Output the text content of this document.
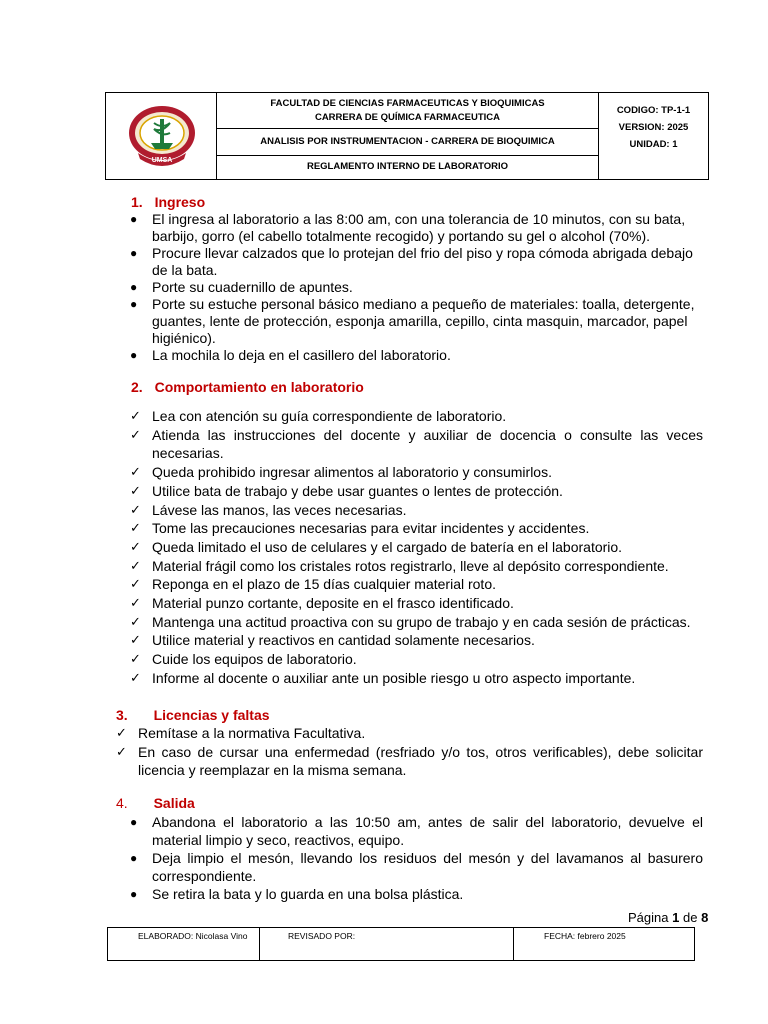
UMSA
FACULTAD DE CIENCIAS FARMACEUTICAS Y BIOQUIMICAS
CARRERA DE QUÍMICA FARMACEUTICA
ANALISIS POR INSTRUMENTACION - CARRERA DE BIOQUIMICA
REGLAMENTO INTERNO DE LABORATORIO
CODIGO: TP-1-1
VERSION: 2025
UNIDAD: 1
1. Ingreso
● El ingresa al laboratorio a las 8:00 am, con una tolerancia de 10 minutos, con su bata, barbijo, gorro (el cabello totalmente recogido) y portando su gel o alcohol (70%).
● Procure llevar calzados que lo protejan del frio del piso y ropa cómoda abrigada debajo de la bata.
● Porte su cuadernillo de apuntes.
● Porte su estuche personal básico mediano a pequeño de materiales: toalla, detergente, guantes, lente de protección, esponja amarilla, cepillo, cinta masquin, marcador, papel higiénico).
● La mochila lo deja en el casillero del laboratorio.
2. Comportamiento en laboratorio
✓ Lea con atención su guía correspondiente de laboratorio.
✓ Atienda las instrucciones del docente y auxiliar de docencia o consulte las veces necesarias.
✓ Queda prohibido ingresar alimentos al laboratorio y consumirlos.
✓ Utilice bata de trabajo y debe usar guantes o lentes de protección.
✓ Lávese las manos, las veces necesarias.
✓ Tome las precauciones necesarias para evitar incidentes y accidentes.
✓ Queda limitado el uso de celulares y el cargado de batería en el laboratorio.
✓ Material frágil como los cristales rotos registrarlo, lleve al depósito correspondiente.
✓ Reponga en el plazo de 15 días cualquier material roto.
✓ Material punzo cortante, deposite en el frasco identificado.
✓ Mantenga una actitud proactiva con su grupo de trabajo y en cada sesión de prácticas.
✓ Utilice material y reactivos en cantidad solamente necesarios.
✓ Cuide los equipos de laboratorio.
✓ Informe al docente o auxiliar ante un posible riesgo u otro aspecto importante.
3. Licencias y faltas
✓ Remítase a la normativa Facultativa.
✓ En caso de cursar una enfermedad (resfriado y/o tos, otros verificables), debe solicitar licencia y reemplazar en la misma semana.
4. Salida
● Abandona el laboratorio a las 10:50 am, antes de salir del laboratorio, devuelve el material limpio y seco, reactivos, equipo.
● Deja limpio el mesón, llevando los residuos del mesón y del lavamanos al basurero correspondiente.
● Se retira la bata y lo guarda en una bolsa plástica.
Página 1 de 8
ELABORADO: Nicolasa Vino	REVISADO POR:	FECHA: febrero 2025
